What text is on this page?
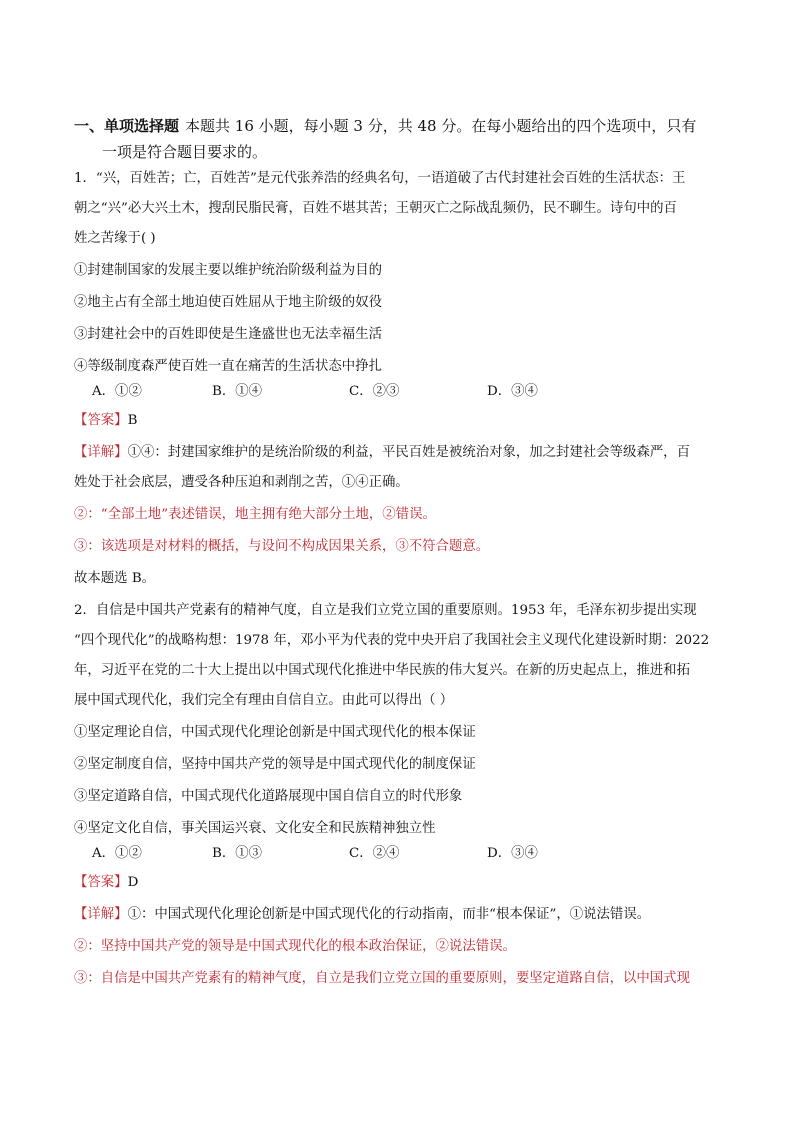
一、单项选择题 本题共 16 小题，每小题 3 分，共 48 分。在每小题给出的四个选项中，只有
一项是符合题目要求的。
1．“兴，百姓苦；亡，百姓苦”是元代张养浩的经典名句，一语道破了古代封建社会百姓的生活状态：王
朝之“兴”必大兴土木，搜刮民脂民膏，百姓不堪其苦；王朝灭亡之际战乱频仍，民不聊生。诗句中的百
姓之苦缘于( )
①封建制国家的发展主要以维护统治阶级利益为目的
②地主占有全部土地迫使百姓屈从于地主阶级的奴役
③封建社会中的百姓即使是生逢盛世也无法幸福生活
④等级制度森严使百姓一直在痛苦的生活状态中挣扎
A．①②	B．①④	C．②③	D．③④
【答案】B
【详解】①④：封建国家维护的是统治阶级的利益，平民百姓是被统治对象，加之封建社会等级森严，百
姓处于社会底层，遭受各种压迫和剥削之苦，①④正确。
②：“全部土地”表述错误，地主拥有绝大部分土地，②错误。
③：该选项是对材料的概括，与设问不构成因果关系，③不符合题意。
故本题选 B。
2．自信是中国共产党素有的精神气度，自立是我们立党立国的重要原则。1953 年，毛泽东初步提出实现
“四个现代化”的战略构想：1978 年，邓小平为代表的党中央开启了我国社会主义现代化建设新时期：2022
年，习近平在党的二十大上提出以中国式现代化推进中华民族的伟大复兴。在新的历史起点上，推进和拓
展中国式现代化，我们完全有理由自信自立。由此可以得出（ ）
①坚定理论自信，中国式现代化理论创新是中国式现代化的根本保证
②坚定制度自信，坚持中国共产党的领导是中国式现代化的制度保证
③坚定道路自信，中国式现代化道路展现中国自信自立的时代形象
④坚定文化自信，事关国运兴衰、文化安全和民族精神独立性
A．①②	B．①③	C．②④	D．③④
【答案】D
【详解】①：中国式现代化理论创新是中国式现代化的行动指南，而非“根本保证”，①说法错误。
②：坚持中国共产党的领导是中国式现代化的根本政治保证，②说法错误。
③：自信是中国共产党素有的精神气度，自立是我们立党立国的重要原则，要坚定道路自信，以中国式现
